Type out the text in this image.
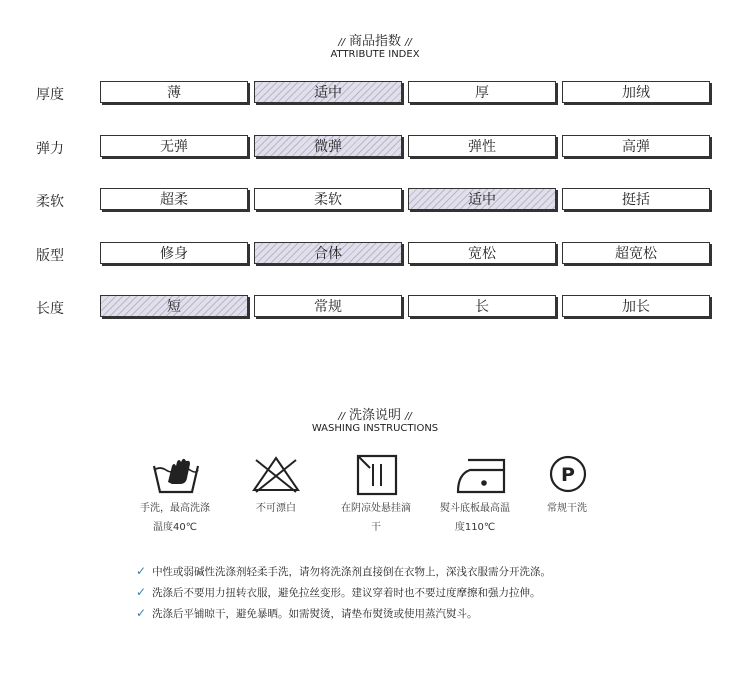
// 商品指数 //
ATTRIBUTE INDEX
厚度	薄	适中	厚	加绒
弹力	无弹	微弹	弹性	高弹
柔软	超柔	柔软	适中	挺括
版型	修身	合体	宽松	超宽松
长度	短	常规	长	加长
// 洗涤说明 //
WASHING INSTRUCTIONS
P
手洗，最高洗涤
温度40℃
不可漂白	在阴凉处悬挂滴
干
熨斗底板最高温
度110℃
常规干洗
✓ 中性或弱碱性洗涤剂轻柔手洗，请勿将洗涤剂直接倒在衣物上，深浅衣服需分开洗涤。
✓ 洗涤后不要用力扭转衣服，避免拉丝变形。建议穿着时也不要过度摩擦和强力拉伸。
✓ 洗涤后平铺晾干，避免暴晒。如需熨烫，请垫布熨烫或使用蒸汽熨斗。
